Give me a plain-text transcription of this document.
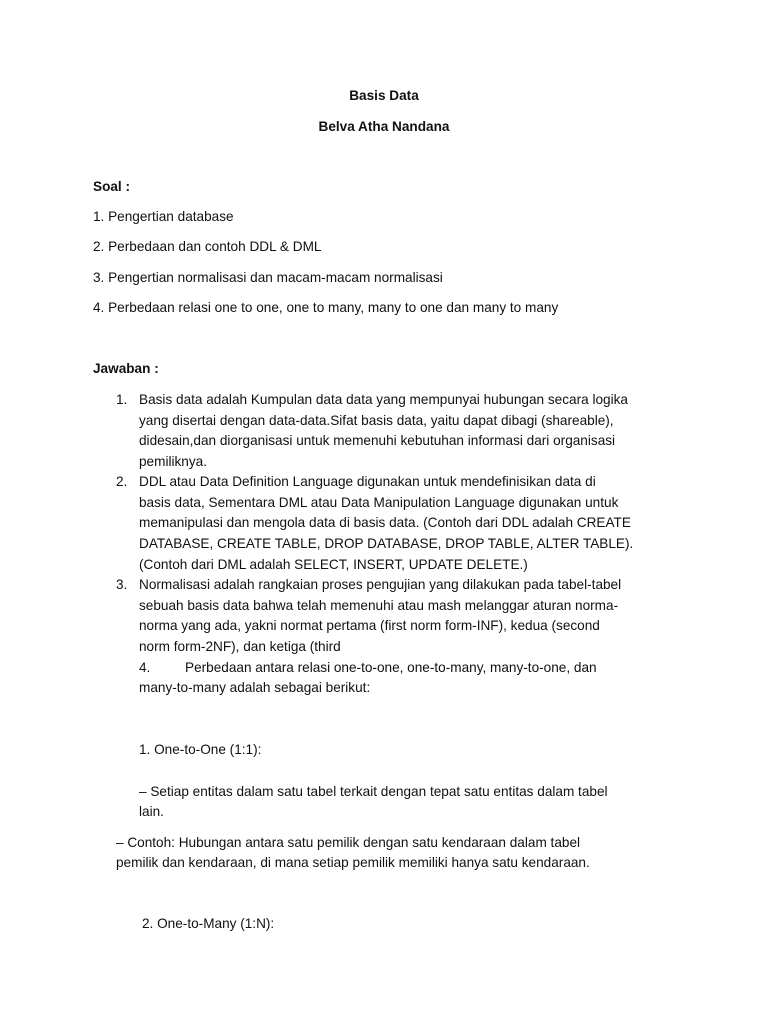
Basis Data
Belva Atha Nandana
Soal :
1. Pengertian database
2. Perbedaan dan contoh DDL & DML
3. Pengertian normalisasi dan macam-macam normalisasi
4. Perbedaan relasi one to one, one to many, many to one dan many to many
Jawaban :
1. Basis data adalah Kumpulan data data yang mempunyai hubungan secara logika
yang disertai dengan data-data.Sifat basis data, yaitu dapat dibagi (shareable),
didesain,dan diorganisasi untuk memenuhi kebutuhan informasi dari organisasi
pemiliknya.
2. DDL atau Data Definition Language digunakan untuk mendefinisikan data di
basis data, Sementara DML atau Data Manipulation Language digunakan untuk
memanipulasi dan mengola data di basis data. (Contoh dari DDL adalah CREATE
DATABASE, CREATE TABLE, DROP DATABASE, DROP TABLE, ALTER TABLE).
(Contoh dari DML adalah SELECT, INSERT, UPDATE DELETE.)
3. Normalisasi adalah rangkaian proses pengujian yang dilakukan pada tabel-tabel
sebuah basis data bahwa telah memenuhi atau mash melanggar aturan norma-
norma yang ada, yakni normat pertama (first norm form-INF), kedua (second
norm form-2NF), dan ketiga (third
4.	Perbedaan antara relasi one-to-one, one-to-many, many-to-one, dan
many-to-many adalah sebagai berikut:
1. One-to-One (1:1):
– Setiap entitas dalam satu tabel terkait dengan tepat satu entitas dalam tabel
lain.
– Contoh: Hubungan antara satu pemilik dengan satu kendaraan dalam tabel
pemilik dan kendaraan, di mana setiap pemilik memiliki hanya satu kendaraan.
2. One-to-Many (1:N):
